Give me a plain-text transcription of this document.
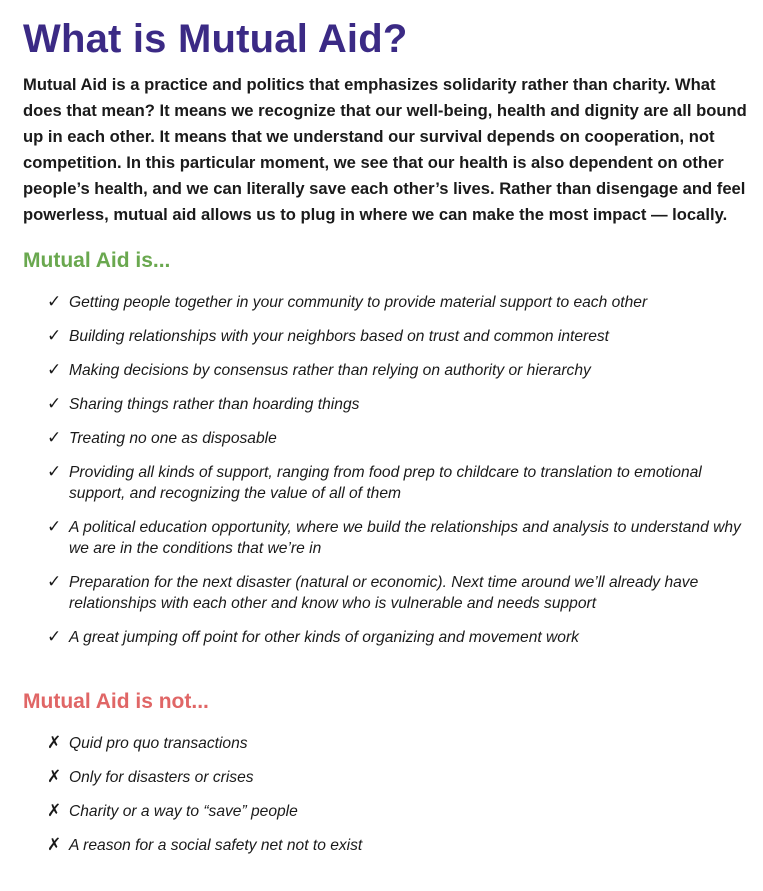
What is Mutual Aid?

Mutual Aid is a practice and politics that emphasizes solidarity rather than charity. What does that mean? It means we recognize that our well-being, health and dignity are all bound up in each other. It means that we understand our survival depends on cooperation, not competition. In this particular moment, we see that our health is also dependent on other people’s health, and we can literally save each other’s lives. Rather than disengage and feel powerless, mutual aid allows us to plug in where we can make the most impact — locally.

Mutual Aid is...
✓ Getting people together in your community to provide material support to each other
✓ Building relationships with your neighbors based on trust and common interest
✓ Making decisions by consensus rather than relying on authority or hierarchy
✓ Sharing things rather than hoarding things
✓ Treating no one as disposable
✓ Providing all kinds of support, ranging from food prep to childcare to translation to emotional support, and recognizing the value of all of them
✓ A political education opportunity, where we build the relationships and analysis to understand why we are in the conditions that we’re in
✓ Preparation for the next disaster (natural or economic). Next time around we’ll already have relationships with each other and know who is vulnerable and needs support
✓ A great jumping off point for other kinds of organizing and movement work
Mutual Aid is not...
✗ Quid pro quo transactions
✗ Only for disasters or crises
✗ Charity or a way to “save” people
✗ A reason for a social safety net not to exist
